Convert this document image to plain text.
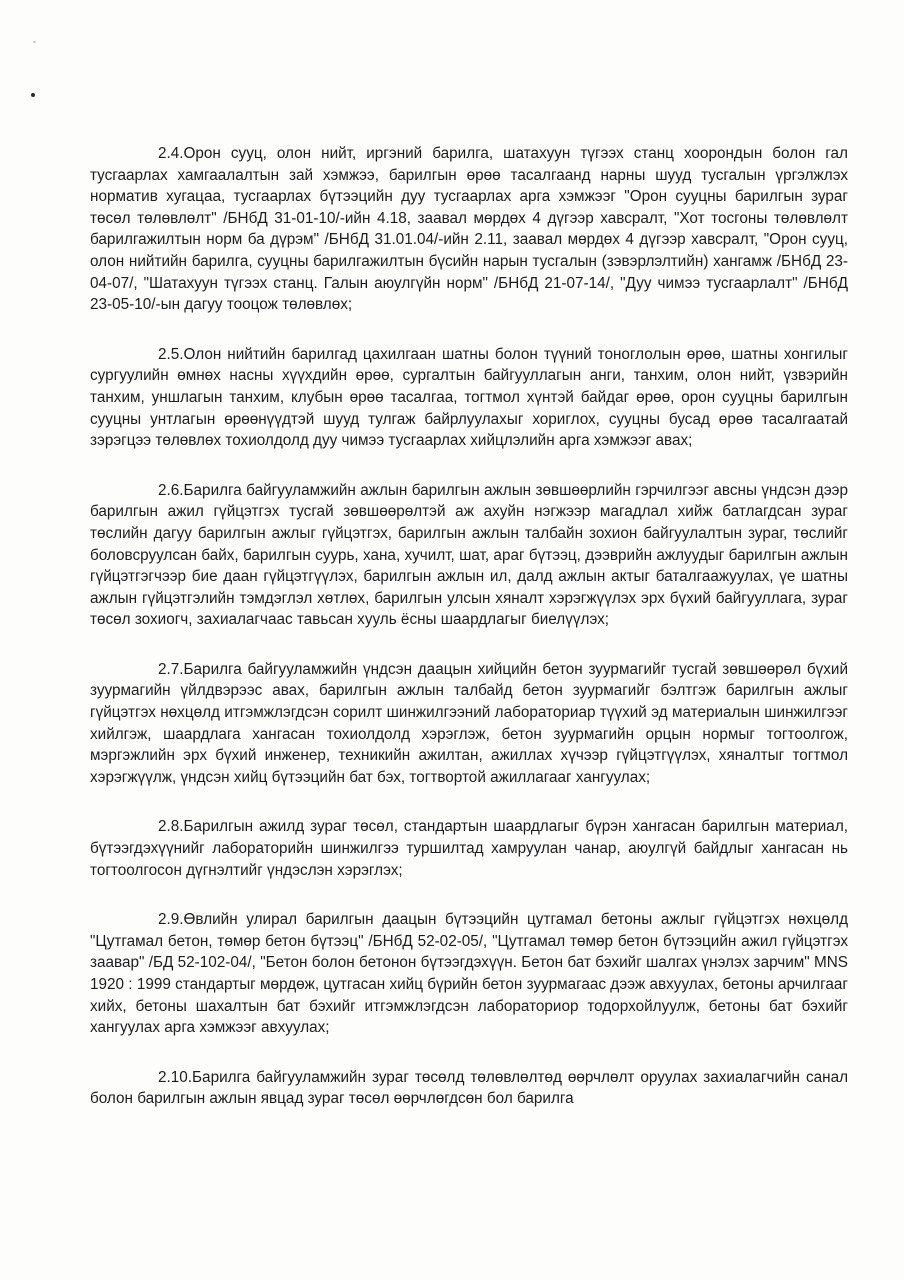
2.4.Орон сууц, олон нийт, иргэний барилга, шатахуун түгээх станц хоорондын болон гал тусгаарлах хамгаалалтын зай хэмжээ, барилгын өрөө тасалгаанд нарны шууд тусгалын үргэлжлэх норматив хугацаа, тусгаарлах бүтээцийн дуу тусгаарлах арга хэмжээг "Орон сууцны барилгын зураг төсөл төлөвлөлт" /БНбД 31-01-10/-ийн 4.18, заавал мөрдөх 4 дүгээр хавсралт, "Хот тосгоны төлөвлөлт барилгажилтын норм ба дүрэм" /БНбД 31.01.04/-ийн 2.11, заавал мөрдөх 4 дүгээр хавсралт, "Орон сууц, олон нийтийн барилга, сууцны барилгажилтын бүсийн нарын тусгалын (зэвэрлэлтийн) хангамж /БНбД 23-04-07/, "Шатахуун түгээх станц. Галын аюулгүйн норм" /БНбД 21-07-14/, "Дуу чимээ тусгаарлалт" /БНбД 23-05-10/-ын дагуу тооцож төлөвлөх;

2.5.Олон нийтийн барилгад цахилгаан шатны болон түүний тоноглолын өрөө, шатны хонгилыг сургуулийн өмнөх насны хүүхдийн өрөө, сургалтын байгууллагын анги, танхим, олон нийт, үзвэрийн танхим, уншлагын танхим, клубын өрөө тасалгаа, тогтмол хүнтэй байдаг өрөө, орон сууцны барилгын сууцны унтлагын өрөөнүүдтэй шууд тулгаж байрлуулахыг хориглох, сууцны бусад өрөө тасалгаатай зэрэгцээ төлөвлөх тохиолдолд дуу чимээ тусгаарлах хийцлэлийн арга хэмжээг авах;

2.6.Барилга байгууламжийн ажлын барилгын ажлын зөвшөөрлийн гэрчилгээг авсны үндсэн дээр барилгын ажил гүйцэтгэх тусгай зөвшөөрөлтэй аж ахуйн нэгжээр магадлал хийж батлагдсан зураг төслийн дагуу барилгын ажлыг гүйцэтгэх, барилгын ажлын талбайн зохион байгуулалтын зураг, төслийг боловсруулсан байх, барилгын суурь, хана, хучилт, шат, араг бүтээц, дээврийн ажлуудыг барилгын ажлын гүйцэтгэгчээр бие даан гүйцэтгүүлэх, барилгын ажлын ил, далд ажлын актыг баталгаажуулах, үе шатны ажлын гүйцэтгэлийн тэмдэглэл хөтлөх, барилгын улсын хяналт хэрэгжүүлэх эрх бүхий байгууллага, зураг төсөл зохиогч, захиалагчаас тавьсан хууль ёсны шаардлагыг биелүүлэх;

2.7.Барилга байгууламжийн үндсэн даацын хийцийн бетон зуурмагийг тусгай зөвшөөрөл бүхий зуурмагийн үйлдвэрээс авах, барилгын ажлын талбайд бетон зуурмагийг бэлтгэж барилгын ажлыг гүйцэтгэх нөхцөлд итгэмжлэгдсэн сорилт шинжилгээний лабораториар түүхий эд материалын шинжилгээг хийлгэж, шаардлага хангасан тохиолдолд хэрэглэж, бетон зуурмагийн орцын нормыг тогтоолгож, мэргэжлийн эрх бүхий инженер, техникийн ажилтан, ажиллах хүчээр гүйцэтгүүлэх, хяналтыг тогтмол хэрэгжүүлж, үндсэн хийц бүтээцийн бат бэх, тогтвортой ажиллагааг хангуулах;

2.8.Барилгын ажилд зураг төсөл, стандартын шаардлагыг бүрэн хангасан барилгын материал, бүтээгдэхүүнийг лабораторийн шинжилгээ туршилтад хамруулан чанар, аюулгүй байдлыг хангасан нь тогтоолгосон дүгнэлтийг үндэслэн хэрэглэх;

2.9.Өвлийн улирал барилгын даацын бүтээцийн цутгамал бетоны ажлыг гүйцэтгэх нөхцөлд "Цутгамал бетон, төмөр бетон бүтээц" /БНбД 52-02-05/, "Цутгамал төмөр бетон бүтээцийн ажил гүйцэтгэх заавар" /БД 52-102-04/, "Бетон болон бетонон бүтээгдэхүүн. Бетон бат бэхийг шалгах үнэлэх зарчим" MNS 1920 : 1999 стандартыг мөрдөж, цутгасан хийц бүрийн бетон зуурмагаас дээж авхуулах, бетоны арчилгааг хийх, бетоны шахалтын бат бэхийг итгэмжлэгдсэн лабораториор тодорхойлуулж, бетоны бат бэхийг хангуулах арга хэмжээг авхуулах;

2.10.Барилга байгууламжийн зураг төсөлд төлөвлөлтөд өөрчлөлт оруулах захиалагчийн санал болон барилгын ажлын явцад зураг төсөл өөрчлөгдсөн бол барилга
